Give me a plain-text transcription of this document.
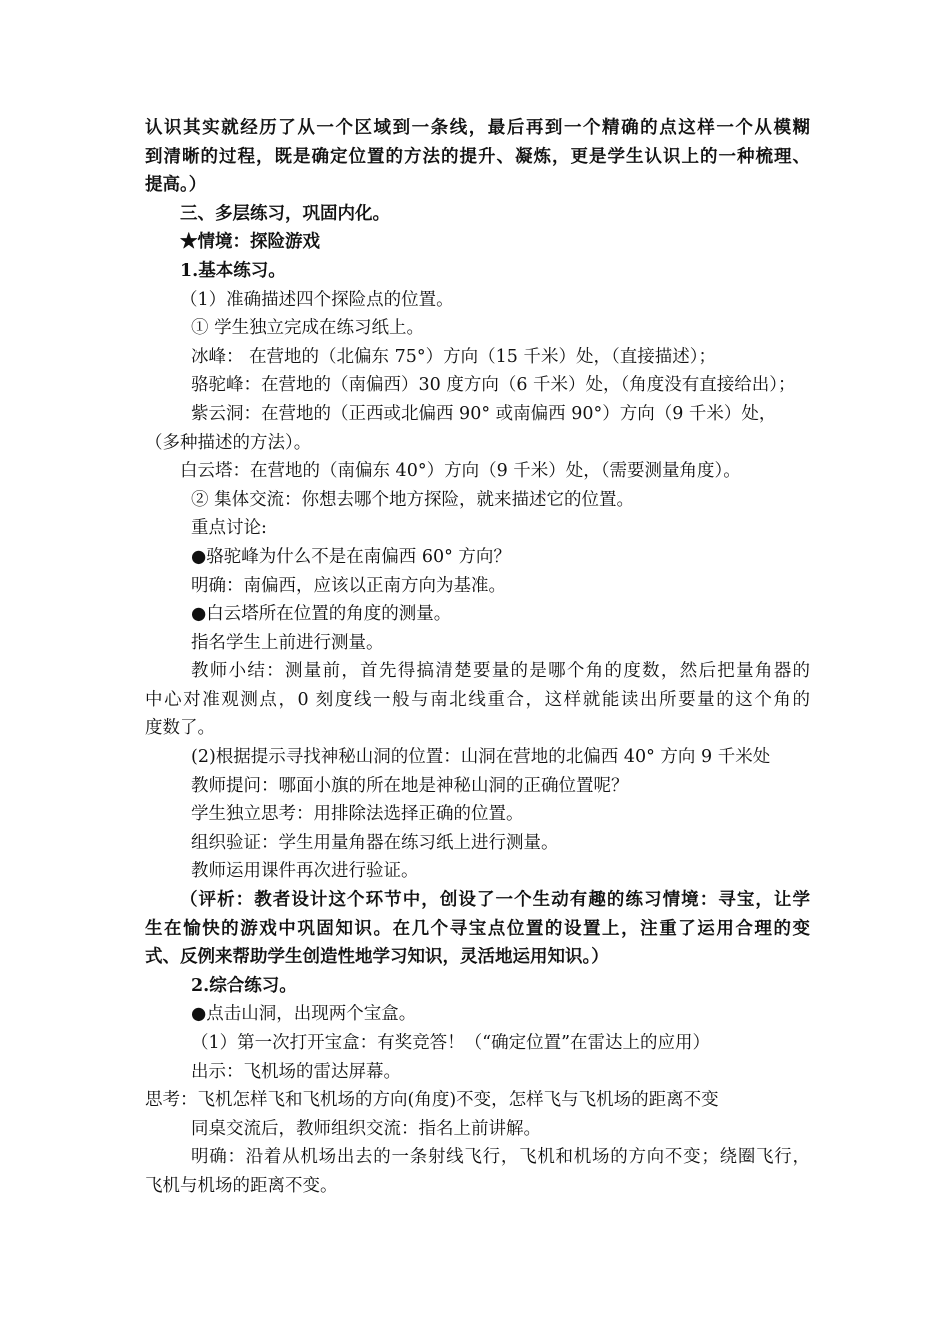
认识其实就经历了从一个区域到一条线，最后再到一个精确的点这样一个从模糊
到清晰的过程，既是确定位置的方法的提升、凝炼，更是学生认识上的一种梳理、
提高。）
三、多层练习，巩固内化。
★情境：探险游戏
1.基本练习。
（1）准确描述四个探险点的位置。
① 学生独立完成在练习纸上。
冰峰： 在营地的（北偏东 75°）方向（15 千米）处，（直接描述）；
骆驼峰：在营地的（南偏西）30 度方向（6 千米）处，（角度没有直接给出）；
紫云洞：在营地的（正西或北偏西 90° 或南偏西 90°）方向（9 千米）处，
（多种描述的方法）。
白云塔：在营地的（南偏东 40°）方向（9 千米）处，（需要测量角度）。
② 集体交流：你想去哪个地方探险，就来描述它的位置。
重点讨论:
●骆驼峰为什么不是在南偏西 60° 方向？
明确：南偏西，应该以正南方向为基准。
●白云塔所在位置的角度的测量。
指名学生上前进行测量。
教师小结：测量前，首先得搞清楚要量的是哪个角的度数，然后把量角器的
中心对准观测点，0 刻度线一般与南北线重合，这样就能读出所要量的这个角的
度数了。
(2)根据提示寻找神秘山洞的位置：山洞在营地的北偏西 40° 方向 9 千米处
教师提问：哪面小旗的所在地是神秘山洞的正确位置呢？
学生独立思考：用排除法选择正确的位置。
组织验证：学生用量角器在练习纸上进行测量。
教师运用课件再次进行验证。
（评析：教者设计这个环节中，创设了一个生动有趣的练习情境：寻宝，让学
生在愉快的游戏中巩固知识。在几个寻宝点位置的设置上，注重了运用合理的变
式、反例来帮助学生创造性地学习知识，灵活地运用知识。）
2.综合练习。
●点击山洞，出现两个宝盒。
（1）第一次打开宝盒：有奖竞答！（“确定位置”在雷达上的应用）
出示：飞机场的雷达屏幕。
思考：飞机怎样飞和飞机场的方向(角度)不变，怎样飞与飞机场的距离不变
同桌交流后，教师组织交流：指名上前讲解。
明确：沿着从机场出去的一条射线飞行，飞机和机场的方向不变；绕圈飞行，
飞机与机场的距离不变。
